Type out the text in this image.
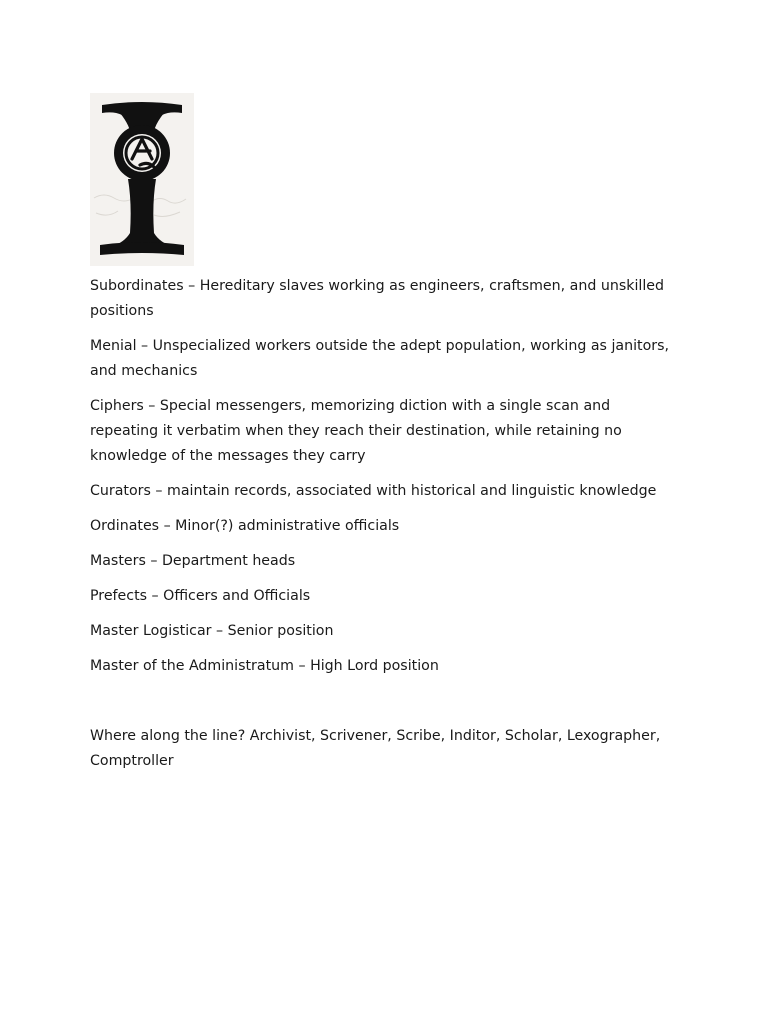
Subordinates – Hereditary slaves working as engineers, craftsmen, and unskilled positions

Menial – Unspecialized workers outside the adept population, working as janitors, and mechanics

Ciphers – Special messengers, memorizing diction with a single scan and repeating it verbatim when they reach their destination, while retaining no knowledge of the messages they carry

Curators – maintain records, associated with historical and linguistic knowledge

Ordinates – Minor(?) administrative officials

Masters – Department heads

Prefects – Officers and Officials

Master Logisticar – Senior position

Master of the Administratum – High Lord position

Where along the line? Archivist, Scrivener, Scribe, Inditor, Scholar, Lexographer, Comptroller
